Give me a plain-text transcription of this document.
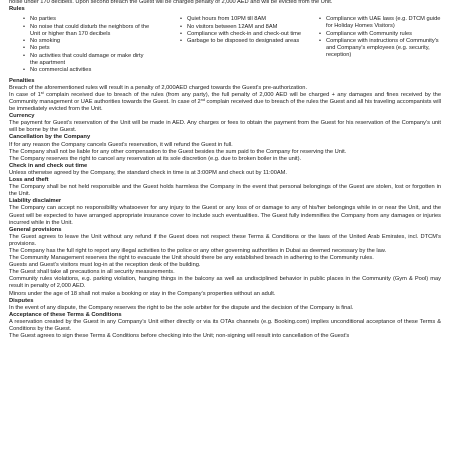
noise under 170 decibels. Upon second breach the Guest will be charged penalty of 2,000 AED and will be evicted from the Unit.

Rules
• No parties
• No noise that could disturb the neighbors of the Unit or higher than 170 decibels
• No smoking
• No pets
• No activities that could damage or make dirty the apartment
• No commercial activities
• Quiet hours from 10PM till 8AM
• No visitors between 12AM and 8AM
• Compliance with check-in and check-out time
• Garbage to be disposed to designated areas
• Compliance with UAE laws (e.g. DTCM guide for Holiday Homes Visitors)
• Compliance with Community rules
• Compliance with instructions of Community's and Company's employees (e.g. security, reception)
Penalties

Breach of the aforementioned rules will result in a penalty of 2,000AED charged towards the Guest’s pre-authorization.

In case of 1st complain received due to breach of the rules (from any party), the full penalty of 2,000 AED will be charged + any damages and fines received by the Community management or UAE authorities towards the Guest. In case of 2nd complain received due to breach of the rules the Guest and all his traveling accompanists will be immediately evicted from the Unit.

Currency

The payment for Guest’s reservation of the Unit will be made in AED. Any charges or fees to obtain the payment from the Guest for his reservation of the Company’s unit will be borne by the Guest.

Cancellation by the Company

If for any reason the Company cancels Guest’s reservation, it will refund the Guest in full.

The Company shall not be liable for any other compensation to the Guest besides the sum paid to the Company for reserving the Unit.

The Company reserves the right to cancel any reservation at its sole discretion (e.g. due to broken boiler in the unit).

Check in and check out time

Unless otherwise agreed by the Company, the standard check in time is at 3:00PM and check out by 11:00AM.

Loss and theft

The Company shall be not held responsible and the Guest holds harmless the Company in the event that personal belongings of the Guest are stolen, lost or forgotten in the Unit.

Liability disclaimer

The Company can accept no responsibility whatsoever for any injury to the Guest or any loss of or damage to any of his/her belongings while in or near the Unit, and the Guest will be expected to have arranged appropriate insurance cover to include such eventualities. The Guest fully indemnifies the Company from any damages or injuries incurred while in the Unit.

General provisions

The Guest agrees to leave the Unit without any refund if the Guest does not respect these Terms & Conditions or the laws of the United Arab Emirates, incl. DTCM’s provisions.

The Company has the full right to report any illegal activities to the police or any other governing authorities in Dubai as deemed necessary by the law.

The Community Management reserves the right to evacuate the Unit should there be any established breach in adhering to the Community rules.

Guests and Guest’s visitors must log-in at the reception desk of the building.

The Guest shall take all precautions in all security measurements.

Community rules violations, e.g. parking violation, hanging things in the balcony as well as undisciplined behavior in public places in the Community (Gym & Pool) may result in penalty of 2,000 AED.

Minors under the age of 18 shall not make a booking or stay in the Company’s properties without an adult.

Disputes

In the event of any dispute, the Company reserves the right to be the sole arbiter for the dispute and the decision of the Company is final.

Acceptance of these Terms & Conditions

A reservation created by the Guest in any Company’s Unit either directly or via its OTAs channels (e.g. Booking.com) implies unconditional acceptance of these Terms & Conditions by the Guest.

The Guest agrees to sign these Terms & Conditions before checking into the Unit; non-signing will result into cancellation of the Guest’s
